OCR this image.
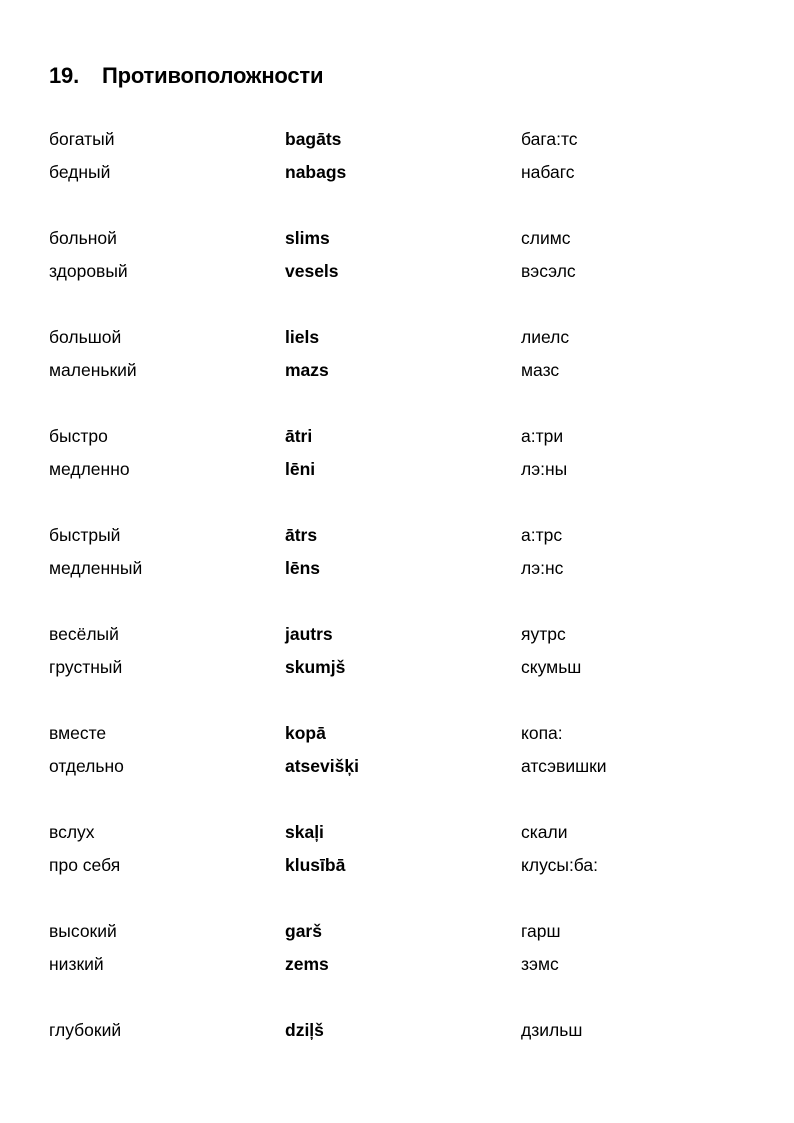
19. Противоположности
богатый	bagāts	бага:тс
бедный	nabags	набагс
больной	slims	слимс
здоровый	vesels	вэсэлс
большой	liels	лиелс
маленький	mazs	мазс
быстро	ātri	а:три
медленно	lēni	лэ:ны
быстрый	ātrs	а:трс
медленный	lēns	лэ:нс
весёлый	jautrs	яутрс
грустный	skumjš	скумьш
вместе	kopā	копа:
отдельно	atsevišķi	атсэвишки
вслух	skaļi	скали
про себя	klusībā	клусы:ба:
высокий	garš	гарш
низкий	zems	зэмс
глубокий	dziļš	дзильш
